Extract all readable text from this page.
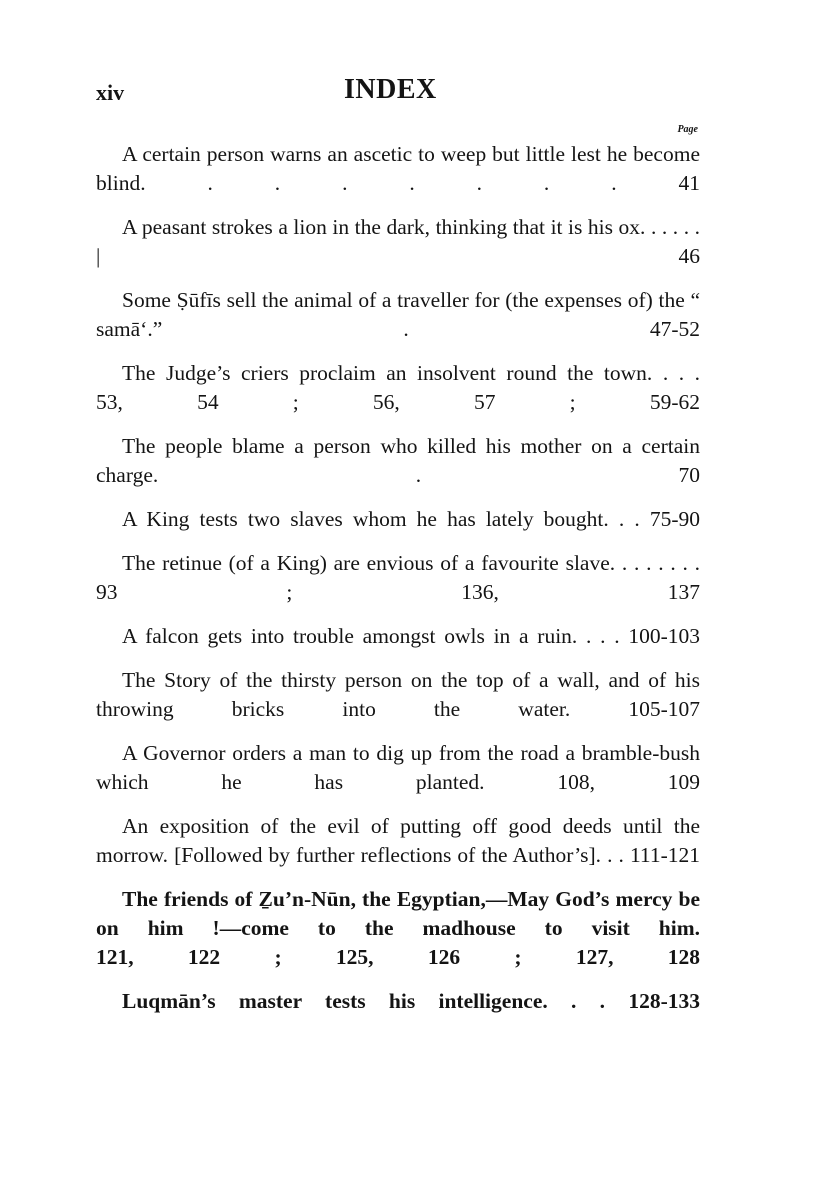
xiv	INDEX
Page

A certain person warns an ascetic to weep but little lest he become blind.	. . . . . . .	41

A peasant strokes a lion in the dark, thinking that it is his ox. . . . . . |	46

Some Ṣūfīs sell the animal of a traveller for (the expenses of) the “ samā‘.”	.	47-52

The Judge’s criers proclaim an insolvent round the town. . . . 53, 54 ; 56, 57 ; 59-62

The people blame a person who killed his mother on a certain charge.	.	70

A King tests two slaves whom he has lately bought. . . 75-90

The retinue (of a King) are envious of a favourite slave. . . . . . . . 93 ; 136, 137

A falcon gets into trouble amongst owls in a ruin. . . . 100-103

The Story of the thirsty person on the top of a wall, and of his throwing bricks into the water.	105-107

A Governor orders a man to dig up from the road a bramble-bush which he has planted.	108, 109

An exposition of the evil of putting off good deeds until the morrow. [Followed by further reflections of the Author’s]. . . 111-121

The friends of Ẕu’n-Nūn, the Egyptian,—May God’s mercy be on him !—come to the madhouse to visit him. 121, 122 ; 125, 126 ; 127, 128

Luqmān’s master tests his intelligence. . . 128-133
